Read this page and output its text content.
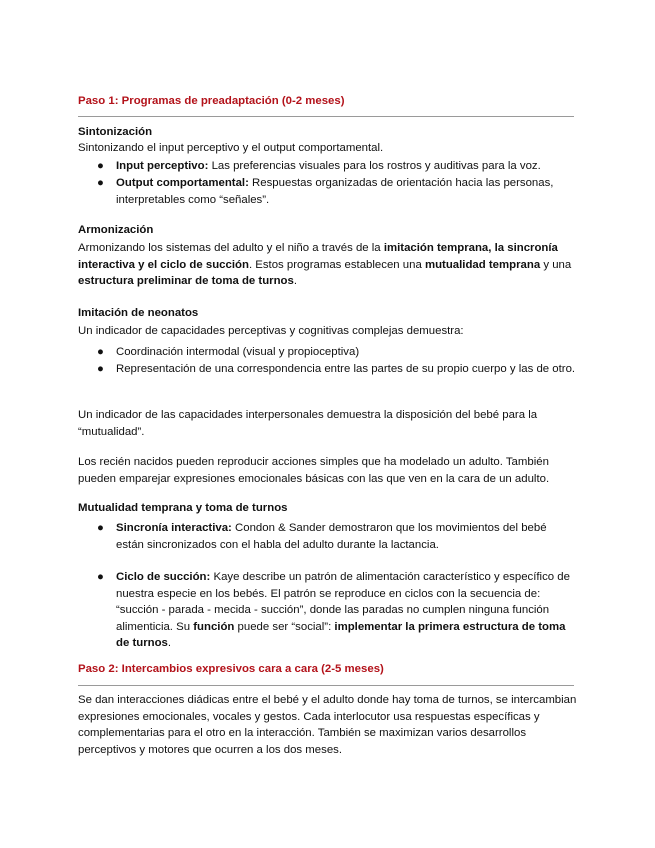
Paso 1: Programas de preadaptación (0-2 meses)
Sintonización
Sintonizando el input perceptivo y el output comportamental.
● Input perceptivo: Las preferencias visuales para los rostros y auditivas para la voz.
● Output comportamental: Respuestas organizadas de orientación hacia las personas, interpretables como “señales”.
Armonización

Armonizando los sistemas del adulto y el niño a través de la imitación temprana, la sincronía interactiva y el ciclo de succión. Estos programas establecen una mutualidad temprana y una estructura preliminar de toma de turnos.

Imitación de neonatos
Un indicador de capacidades perceptivas y cognitivas complejas demuestra:
● Coordinación intermodal (visual y propioceptiva)
● Representación de una correspondencia entre las partes de su propio cuerpo y las de otro.
Un indicador de las capacidades interpersonales demuestra la disposición del bebé para la “mutualidad”.
Los recién nacidos pueden reproducir acciones simples que ha modelado un adulto. También pueden emparejar expresiones emocionales básicas con las que ven en la cara de un adulto.
Mutualidad temprana y toma de turnos
● Sincronía interactiva: Condon & Sander demostraron que los movimientos del bebé están sincronizados con el habla del adulto durante la lactancia.
● Ciclo de succión: Kaye describe un patrón de alimentación característico y específico de nuestra especie en los bebés. El patrón se reproduce en ciclos con la secuencia de: “succión - parada - mecida - succión”, donde las paradas no cumplen ninguna función alimenticia. Su función puede ser “social”: implementar la primera estructura de toma de turnos.
Paso 2: Intercambios expresivos cara a cara (2-5 meses)
Se dan interacciones diádicas entre el bebé y el adulto donde hay toma de turnos, se intercambian expresiones emocionales, vocales y gestos. Cada interlocutor usa respuestas específicas y complementarias para el otro en la interacción. También se maximizan varios desarrollos perceptivos y motores que ocurren a los dos meses.
